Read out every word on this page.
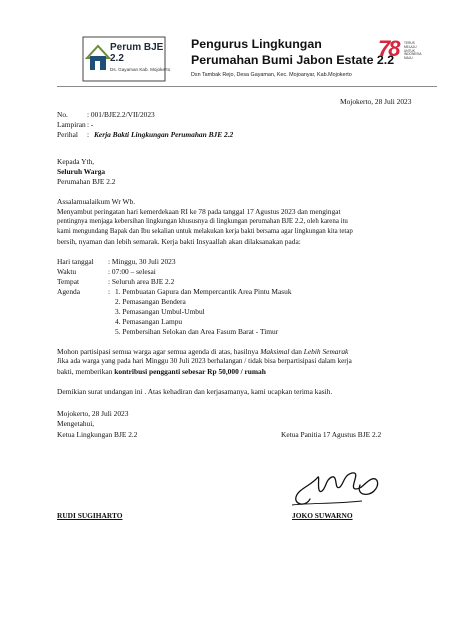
Perum BJE 2.2
Ds. Gayaman Kab. Mojokerto
Pengurus Lingkungan
Perumahan Bumi Jabon Estate 2.2
Dsn Tambak Rejo, Desa Gayaman, Kec. Mojoanyar, Kab.Mojokerto
78 TERUS
MELAJU
UNTUK
INDONESIA
MAJU
Mojokerto, 28 Juli 2023
No.	: 001/BJE2.2/VII/2023
Lampiran : -
Perihal : Kerja Bakti Lingkungan Perumahan BJE 2.2
Kepada Yth,
Seluruh Warga
Perumahan BJE 2.2
Assalamualaikum Wr Wb.
Menyambut peringatan hari kemerdekaan RI ke 78 pada tanggal 17 Agustus 2023 dan mengingat
pentingnya menjaga kebersihan lingkungan khususnya di lingkungan perumahan BJE 2.2, oleh karena itu
kami mengundang Bapak dan Ibu sekalian untuk melakukan kerja bakti bersama agar lingkungan kita tetap
bersih, nyaman dan lebih semarak. Kerja bakti Insyaallah akan dilaksanakan pada:
Hari tanggal : Minggu, 30 Juli 2023
Waktu	: 07:00 – selesai
Tempat	: Seluruh area BJE 2.2
Agenda	: 1. Pembuatan Gapura dan Mempercantik Area Pintu Masuk
2. Pemasangan Bendera
3. Pemasangan Umbul-Umbul
4. Pemasangan Lampu
5. Pembersihan Selokan dan Area Fasum Barat - Timur
Mohon partisipasi semua warga agar semua agenda di atas, hasilnya Maksimal dan Lebih Semarak
Jika ada warga yang pada hari Minggu 30 Juli 2023 berhalangan / tidak bisa berpartisipasi dalam kerja
bakti, memberikan kontribusi pengganti sebesar Rp 50,000 / rumah
Demikian surat undangan ini . Atas kehadiran dan kerjasamanya, kami ucapkan terima kasih.
Mojokerto, 28 Juli 2023
Mengetahui,
Ketua Lingkungan BJE 2.2	Ketua Panitia 17 Agustus BJE 2.2
RUDI SUGIHARTO	JOKO SUWARNO
